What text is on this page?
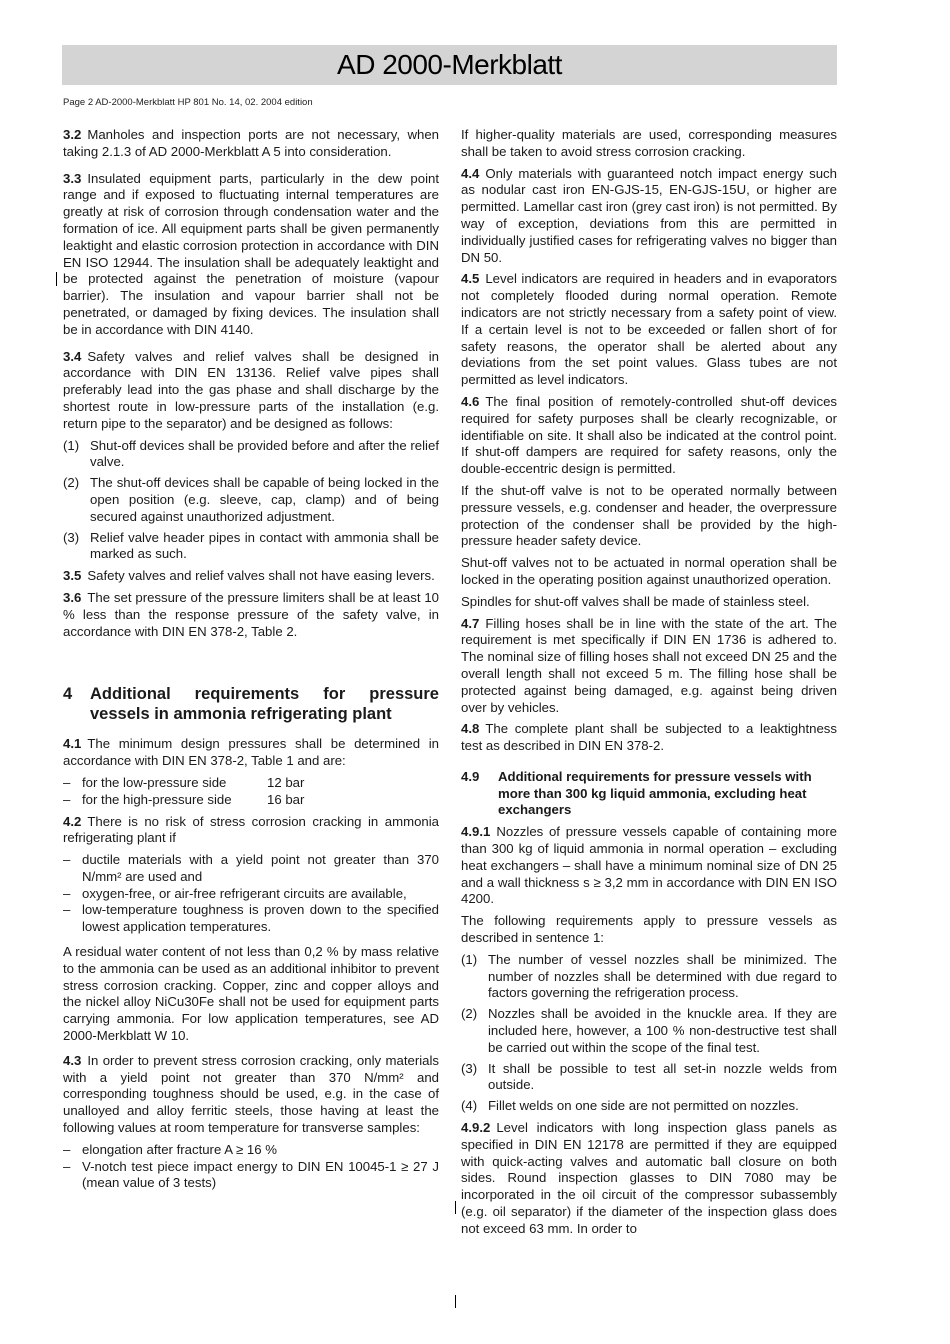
AD 2000-Merkblatt
Page 2 AD-2000-Merkblatt HP 801 No. 14, 02. 2004 edition

3.2 Manholes and inspection ports are not necessary, when taking 2.1.3 of AD 2000-Merkblatt A 5 into consideration.

3.3 Insulated equipment parts, particularly in the dew point range and if exposed to fluctuating internal temperatures are greatly at risk of corrosion through condensation water and the formation of ice. All equipment parts shall be given permanently leaktight and elastic corrosion protection in accordance with DIN EN ISO 12944. The insulation shall be adequately leaktight and be protected against the penetration of moisture (vapour barrier). The insulation and vapour barrier shall not be penetrated, or damaged by fixing devices. The insulation shall be in accordance with DIN 4140.

3.4 Safety valves and relief valves shall be designed in accordance with DIN EN 13136. Relief valve pipes shall preferably lead into the gas phase and shall discharge by the shortest route in low-pressure parts of the installation (e.g. return pipe to the separator) and be designed as follows:

(1) Shut-off devices shall be provided before and after the relief valve.
(2) The shut-off devices shall be capable of being locked in the open position (e.g. sleeve, cap, clamp) and of being secured against unauthorized adjustment.
(3) Relief valve header pipes in contact with ammonia shall be marked as such.

3.5 Safety valves and relief valves shall not have easing levers.

3.6 The set pressure of the pressure limiters shall be at least 10 % less than the response pressure of the safety valve, in accordance with DIN EN 378-2, Table 2.

4	Additional requirements for pressure vessels in ammonia refrigerating plant

4.1 The minimum design pressures shall be determined in accordance with DIN EN 378-2, Table 1 and are:

– for the low-pressure side	12 bar
– for the high-pressure side	16 bar

4.2 There is no risk of stress corrosion cracking in ammonia refrigerating plant if

– ductile materials with a yield point not greater than 370 N/mm² are used and
– oxygen-free, or air-free refrigerant circuits are available,
– low-temperature toughness is proven down to the specified lowest application temperatures.

A residual water content of not less than 0,2 % by mass relative to the ammonia can be used as an additional inhibitor to prevent stress corrosion cracking. Copper, zinc and copper alloys and the nickel alloy NiCu30Fe shall not be used for equipment parts carrying ammonia. For low application temperatures, see AD 2000-Merkblatt W 10.

4.3 In order to prevent stress corrosion cracking, only materials with a yield point not greater than 370 N/mm² and corresponding toughness should be used, e.g. in the case of unalloyed and alloy ferritic steels, those having at least the following values at room temperature for transverse samples:

– elongation after fracture A ≥ 16 %
– V-notch test piece impact energy to DIN EN 10045-1 ≥ 27 J (mean value of 3 tests)

If higher-quality materials are used, corresponding measures shall be taken to avoid stress corrosion cracking.

4.4 Only materials with guaranteed notch impact energy such as nodular cast iron EN-GJS-15, EN-GJS-15U, or higher are permitted. Lamellar cast iron (grey cast iron) is not permitted. By way of exception, deviations from this are permitted in individually justified cases for refrigerating valves no bigger than DN 50.

4.5 Level indicators are required in headers and in evaporators not completely flooded during normal operation. Remote indicators are not strictly necessary from a safety point of view. If a certain level is not to be exceeded or fallen short of for safety reasons, the operator shall be alerted about any deviations from the set point values. Glass tubes are not permitted as level indicators.

4.6 The final position of remotely-controlled shut-off devices required for safety purposes shall be clearly recognizable, or identifiable on site. It shall also be indicated at the control point. If shut-off dampers are required for safety reasons, only the double-eccentric design is permitted.

If the shut-off valve is not to be operated normally between pressure vessels, e.g. condenser and header, the overpressure protection of the condenser shall be provided by the high-pressure header safety device.

Shut-off valves not to be actuated in normal operation shall be locked in the operating position against unauthorized operation.

Spindles for shut-off valves shall be made of stainless steel.

4.7 Filling hoses shall be in line with the state of the art. The requirement is met specifically if DIN EN 1736 is adhered to. The nominal size of filling hoses shall not exceed DN 25 and the overall length shall not exceed 5 m. The filling hose shall be protected against being damaged, e.g. against being driven over by vehicles.

4.8 The complete plant shall be subjected to a leaktightness test as described in DIN EN 378-2.

4.9	Additional requirements for pressure vessels with more than 300 kg liquid ammonia, excluding heat exchangers

4.9.1 Nozzles of pressure vessels capable of containing more than 300 kg of liquid ammonia in normal operation – excluding heat exchangers – shall have a minimum nominal size of DN 25 and a wall thickness s ≥ 3,2 mm in accordance with DIN EN ISO 4200.

The following requirements apply to pressure vessels as described in sentence 1:

(1) The number of vessel nozzles shall be minimized. The number of nozzles shall be determined with due regard to factors governing the refrigeration process.
(2) Nozzles shall be avoided in the knuckle area. If they are included here, however, a 100 % non-destructive test shall be carried out within the scope of the final test.
(3) It shall be possible to test all set-in nozzle welds from outside.
(4) Fillet welds on one side are not permitted on nozzles.

4.9.2 Level indicators with long inspection glass panels as specified in DIN EN 12178 are permitted if they are equipped with quick-acting valves and automatic ball closure on both sides. Round inspection glasses to DIN 7080 may be incorporated in the oil circuit of the compressor subassembly (e.g. oil separator) if the diameter of the inspection glass does not exceed 63 mm. In order to
